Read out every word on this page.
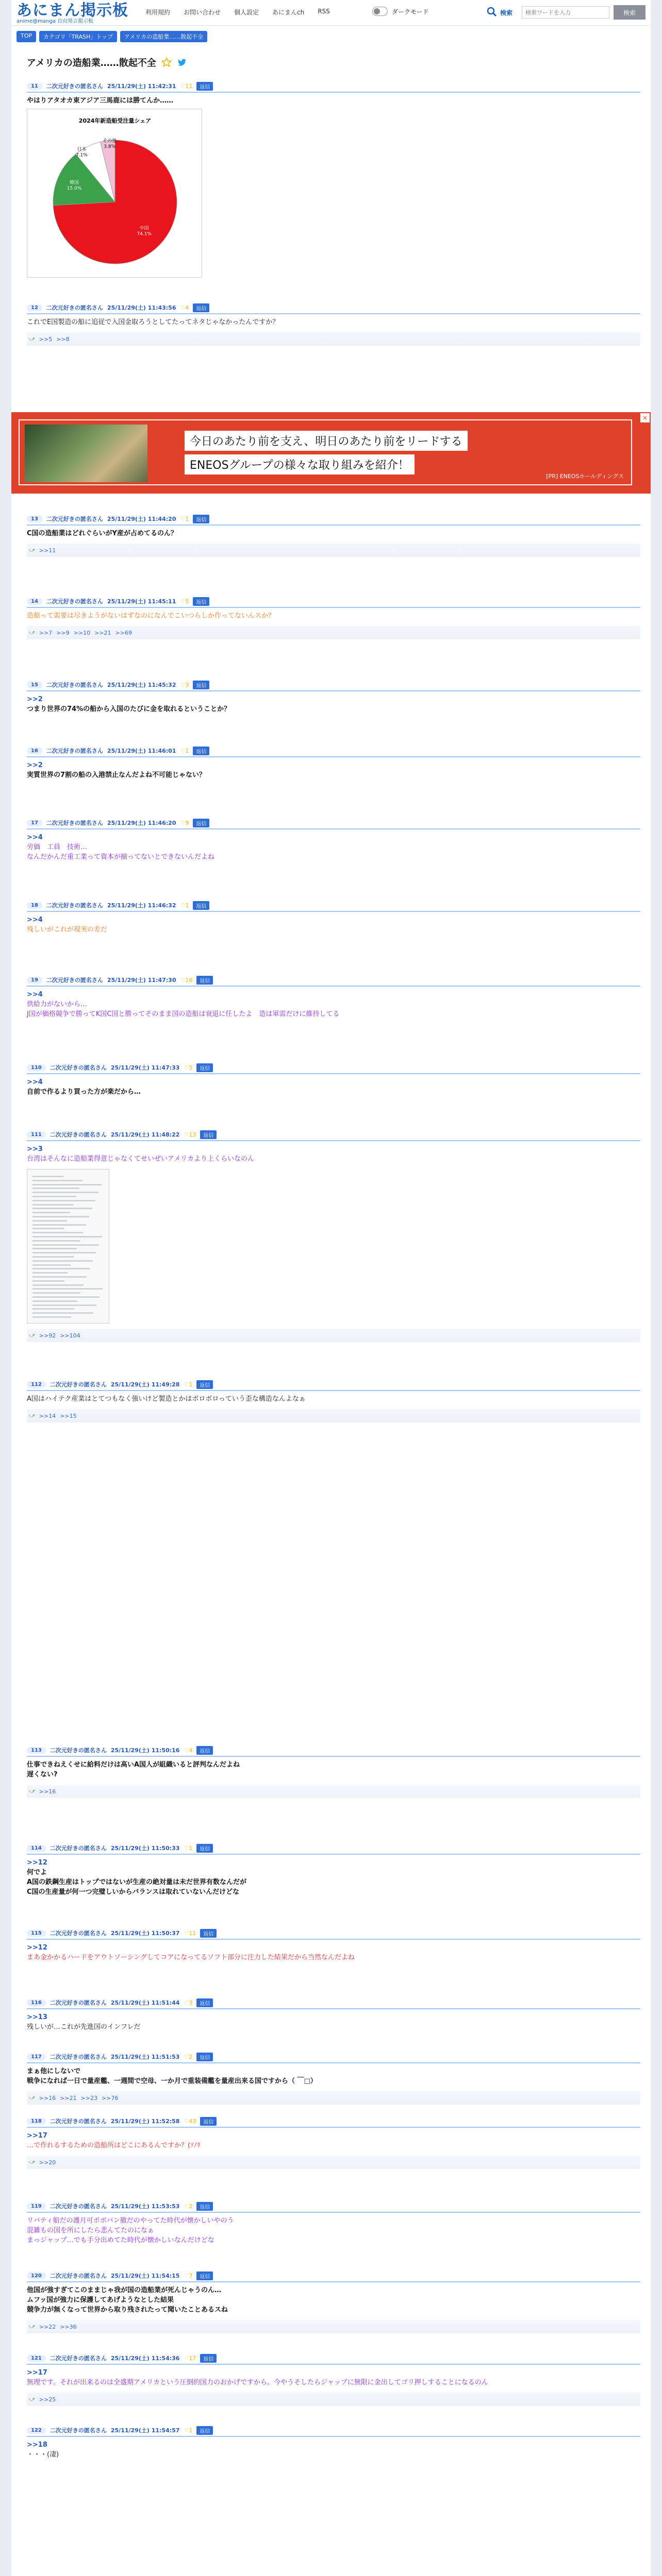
あにまん掲示板
anime@manga 自由発言掲示板
利用規約 お問い合わせ 個人設定 あにまんch RSS	ダークモード	検索
検索ワードを入力	検索
TOP	カテゴリ「TRASH」トップ	アメリカの造船業……散起不全
アメリカの造船業……散起不全
11	二次元好きの匿名さん 25/11/29(土) 11:42:31 ♡11	返信
やはりアタオカ東アジア三馬鹿には勝てんか……
2024年新造船受注量シェア
中国
74.1%
韓国
15.0%
日本
7.1%
その他
3.8%
12	二次元好きの匿名さん 25/11/29(土) 11:43:56 ♡4	返信
これでE国製造の船に追従で入国金取ろうとしてたってネタじゃなかったんですか？
⤻ >>5 >>8
13	二次元好きの匿名さん 25/11/29(土) 11:44:20 ♡1	返信
C国の造船業はどれぐらいがY産が占めてるのん？
⤻ >>11
14	二次元好きの匿名さん 25/11/29(土) 11:45:11 ♡5	返信
造船って需要は尽きようがないはずなのになんでこいつらしか作ってないんスか？
⤻ >>7 >>9 >>10 >>21 >>69
15	二次元好きの匿名さん 25/11/29(土) 11:45:32 ♡3	返信
>>2
つまり世界の74%の船から入国のたびに金を取れるということか？
16	二次元好きの匿名さん 25/11/29(土) 11:46:01 ♡1	返信
>>2
実質世界の7割の船の入港禁止なんだよね不可能じゃない？
17	二次元好きの匿名さん 25/11/29(土) 11:46:20 ♡9	返信
>>4
労価　工員　技術…
なんだかんだ重工業って資本が揃ってないとできないんだよね
18	二次元好きの匿名さん 25/11/29(土) 11:46:32 ♡1	返信
>>4
残しいがこれが現実の差だ
19	二次元好きの匿名さん 25/11/29(土) 11:47:30 ♡16	返信
>>4
供給力がないから…
J国が価格競争で勝ってK国C国と勝ってそのまま国の造船は衰退に任したよ　造は軍需だけに維持してる
110	二次元好きの匿名さん 25/11/29(土) 11:47:33 ♡5	返信
>>4
自前で作るより買った方が楽だから…
111	二次元好きの匿名さん 25/11/29(土) 11:48:22 ♡13	返信
>>3
台湾はそんなに造船業得意じゃなくてせいぜいアメリカより上くらいなのん
⤻ >>92 >>104
112	二次元好きの匿名さん 25/11/29(土) 11:49:28 ♡1	返信
A国はハイテク産業はとてつもなく強いけど製造とかはボロボロっていう歪な構造なんよなぁ
⤻ >>14 >>15
113	二次元好きの匿名さん 25/11/29(土) 11:50:16 ♡4	返信
仕事できねえくせに給料だけは高いA国人が組織いると評判なんだよね
遅くない?
⤻ >>16
114	二次元好きの匿名さん 25/11/29(土) 11:50:33 ♡1	返信
>>12
何でよ
A国の鉄鋼生産はトップではないが生産の絶対量は未だ世界有数なんだが
C国の生産量が何一つ完璧しいからバランスは取れていないんだけどな
115	二次元好きの匿名さん 25/11/29(土) 11:50:37 ♡11	返信
>>12
まあ金かかるハードをアウトソーシングしてコアになってるソフト部分に注力した結果だから当然なんだよね
116	二次元好きの匿名さん 25/11/29(土) 11:51:44 ♡3	返信
>>13
残しいが…これが先進国のインフレだ
117	二次元好きの匿名さん 25/11/29(土) 11:51:53 ♡2	返信
まぁ他にしないで
戦争になれば一日で量産艦、一週間で空母、一か月で重装備艦を量産出来る国ですから（ ￣□）
⤻ >>16 >>21 >>23 >>76
118	二次元好きの匿名さん 25/11/29(土) 11:52:58 ♡43	返信
>>17
…で作れるするための造船所はどこにあるんですか？(ｿﾉﾘ
⤻ >>20
119	二次元好きの匿名さん 25/11/29(土) 11:53:53 ♡2	返信
リバティ船だの護月可ボボパン撤だのやってた時代が懐かしいやのう
混雑もの国を所にしたら悲んてたのになぁ
まっジャップ…でも手分出めてた時代が懐かしいなんだけどな
120	二次元好きの匿名さん 25/11/29(土) 11:54:15 ♡7	返信
他国が強すぎてこのままじゃ我が国の造船業が死んじゃうのん…
ムフッ国が強力に保護してあげようなとした結果
競争力が無くなって世界から取り残されたって聞いたことあるスね
⤻ >>22 >>36
121	二次元好きの匿名さん 25/11/29(土) 11:54:36 ♡17	返信
>>17
無理です。それが出来るのは全盛期アメリカという圧倒的国力のおかげですから。今やうそしたらジャップに無限に金出してゴリ押しすることになるのん
⤻ >>25
122	二次元好きの匿名さん 25/11/29(土) 11:54:57 ♡1	返信
>>18
・・・(凄)
今日のあたり前を支え、明日のあたり前をリードする
ENEOSグループの様々な取り組みを紹介！
[PR] ENEOSホールディングス
×
